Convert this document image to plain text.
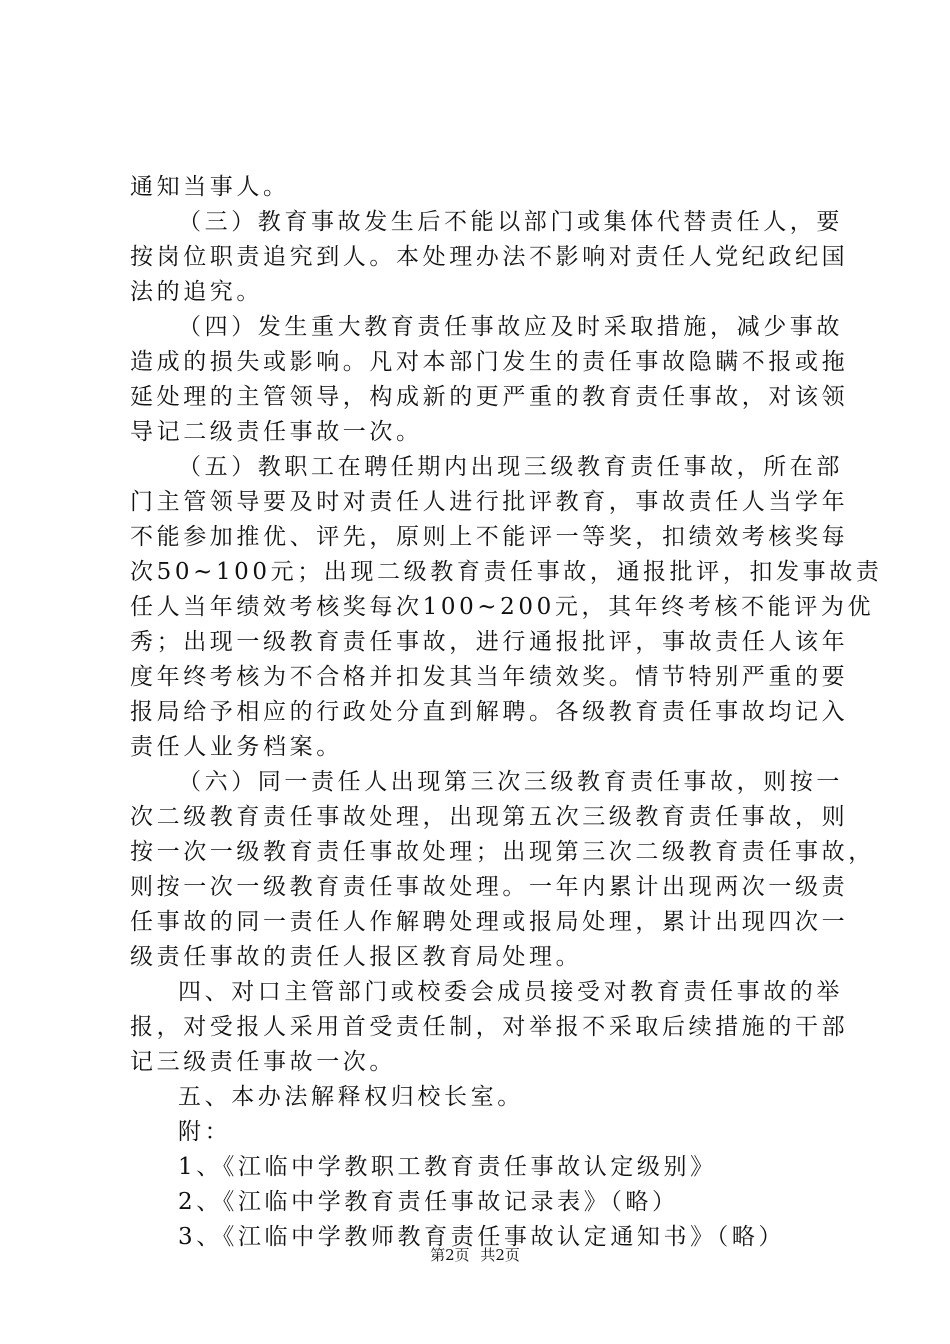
通知当事人。
（三）教育事故发生后不能以部门或集体代替责任人，要
按岗位职责追究到人。本处理办法不影响对责任人党纪政纪国
法的追究。
（四）发生重大教育责任事故应及时采取措施，减少事故
造成的损失或影响。凡对本部门发生的责任事故隐瞒不报或拖
延处理的主管领导，构成新的更严重的教育责任事故，对该领
导记二级责任事故一次。
（五）教职工在聘任期内出现三级教育责任事故，所在部
门主管领导要及时对责任人进行批评教育，事故责任人当学年
不能参加推优、评先，原则上不能评一等奖，扣绩效考核奖每
次50~100元；出现二级教育责任事故，通报批评，扣发事故责
任人当年绩效考核奖每次100~200元，其年终考核不能评为优
秀；出现一级教育责任事故，进行通报批评，事故责任人该年
度年终考核为不合格并扣发其当年绩效奖。情节特别严重的要
报局给予相应的行政处分直到解聘。各级教育责任事故均记入
责任人业务档案。
（六）同一责任人出现第三次三级教育责任事故，则按一
次二级教育责任事故处理，出现第五次三级教育责任事故，则
按一次一级教育责任事故处理；出现第三次二级教育责任事故，
则按一次一级教育责任事故处理。一年内累计出现两次一级责
任事故的同一责任人作解聘处理或报局处理，累计出现四次一
级责任事故的责任人报区教育局处理。
四、对口主管部门或校委会成员接受对教育责任事故的举
报，对受报人采用首受责任制，对举报不采取后续措施的干部
记三级责任事故一次。
五、本办法解释权归校长室。
附：
1、《江临中学教职工教育责任事故认定级别》
2、《江临中学教育责任事故记录表》（略）
3、《江临中学教师教育责任事故认定通知书》（略）
第2页 共2页
